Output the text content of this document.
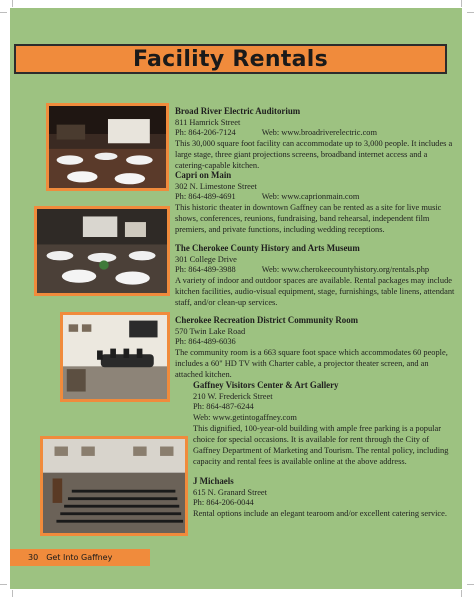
Facility Rentals
Broad River Electric Auditorium
811 Hamrick Street
Ph: 864-206-7124	Web: www.broadriverelectric.com
This 30,000 square foot facility can accommodate up to 3,000 people. It includes a large stage, three giant projections screens, broadband internet access and a catering-capable kitchen.
Capri on Main
302 N. Limestone Street
Ph: 864-489-4691	Web: www.caprionmain.com
This historic theater in downtown Gaffney can be rented as a site for live music shows, conferences, reunions, fundraising, band rehearsal, independent film premiers, and private functions, including wedding receptions.
The Cherokee County History and Arts Museum
301 College Drive
Ph: 864-489-3988	Web: www.cherokeecountyhistory.org/rentals.php
A variety of indoor and outdoor spaces are available. Rental packages may include kitchen facilities, audio-visual equipment, stage, furnishings, table linens, attendant staff, and/or clean-up services.
Cherokee Recreation District Community Room
570 Twin Lake Road
Ph: 864-489-6036
The community room is a 663 square foot space which accommodates 60 people, includes a 60" HD TV with Charter cable, a projector theater screen, and an attached kitchen.
Gaffney Visitors Center & Art Gallery
210 W. Frederick Street
Ph: 864-487-6244
Web: www.getintogaffney.com
This dignified, 100-year-old building with ample free parking is a popular choice for special occasions. It is available for rent through the City of Gaffney Department of Marketing and Tourism. The rental policy, including capacity and rental fees is available online at the above address.
J Michaels
615 N. Granard Street
Ph: 864-206-0044
Rental options include an elegant tearoom and/or excellent catering service.
30 Get Into Gaffney
